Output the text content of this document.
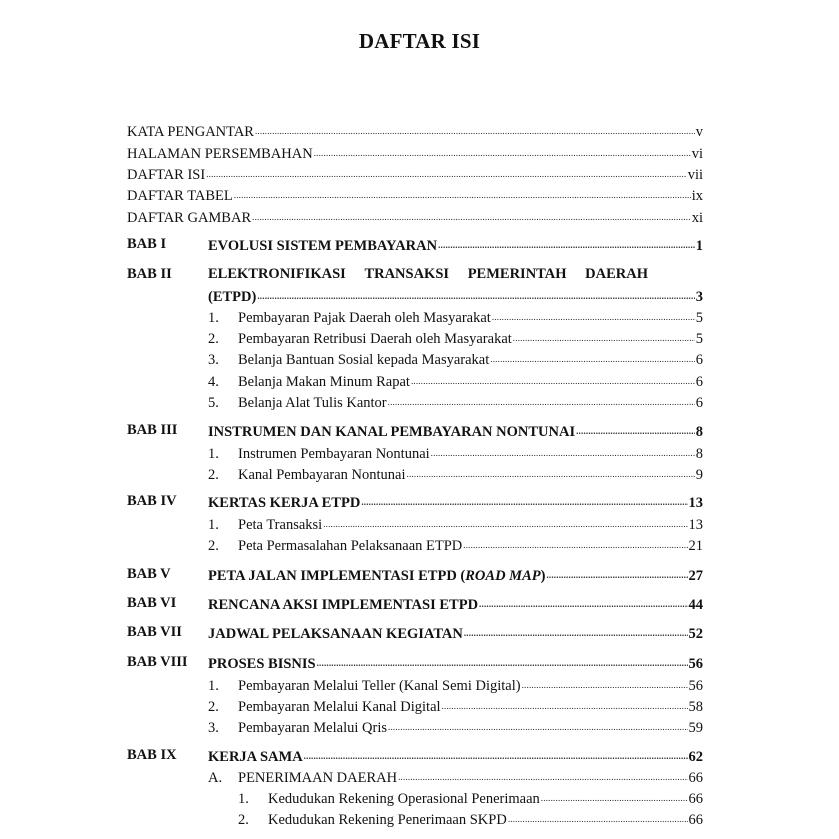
DAFTAR ISI
KATA PENGANTAR .....	v
HALAMAN PERSEMBAHAN .....	vi
DAFTAR ISI .....	vii
DAFTAR TABEL .....	ix
DAFTAR GAMBAR .....	xi
BAB I	EVOLUSI SISTEM PEMBAYARAN .....	1
BAB II	ELEKTRONIFIKASI TRANSAKSI PEMERINTAH DAERAH
(ETPD) .....	3
1.	Pembayaran Pajak Daerah oleh Masyarakat .....	5
2.	Pembayaran Retribusi Daerah oleh Masyarakat .....	5
3.	Belanja Bantuan Sosial kepada Masyarakat .....	6
4.	Belanja Makan Minum Rapat .....	6
5.	Belanja Alat Tulis Kantor .....	6
BAB III INSTRUMEN DAN KANAL PEMBAYARAN NONTUNAI .....	8
1.	Instrumen Pembayaran Nontunai .....	8
2.	Kanal Pembayaran Nontunai .....	9
BAB IV KERTAS KERJA ETPD .....	13
1.	Peta Transaksi .....	13
2.	Peta Permasalahan Pelaksanaan ETPD .....	21
BAB V	PETA JALAN IMPLEMENTASI ETPD (ROAD MAP) .....	27
BAB VI RENCANA AKSI IMPLEMENTASI ETPD .....	44
BAB VII JADWAL PELAKSANAAN KEGIATAN .....	52
BAB VIII PROSES BISNIS .....	56
1.	Pembayaran Melalui Teller (Kanal Semi Digital) .....	56
2.	Pembayaran Melalui Kanal Digital .....	58
3.	Pembayaran Melalui Qris .....	59
BAB IX KERJA SAMA .....	62
A.	PENERIMAAN DAERAH .....	66
1.	Kedudukan Rekening Operasional Penerimaan .....	66
2.	Kedudukan Rekening Penerimaan SKPD .....	66
